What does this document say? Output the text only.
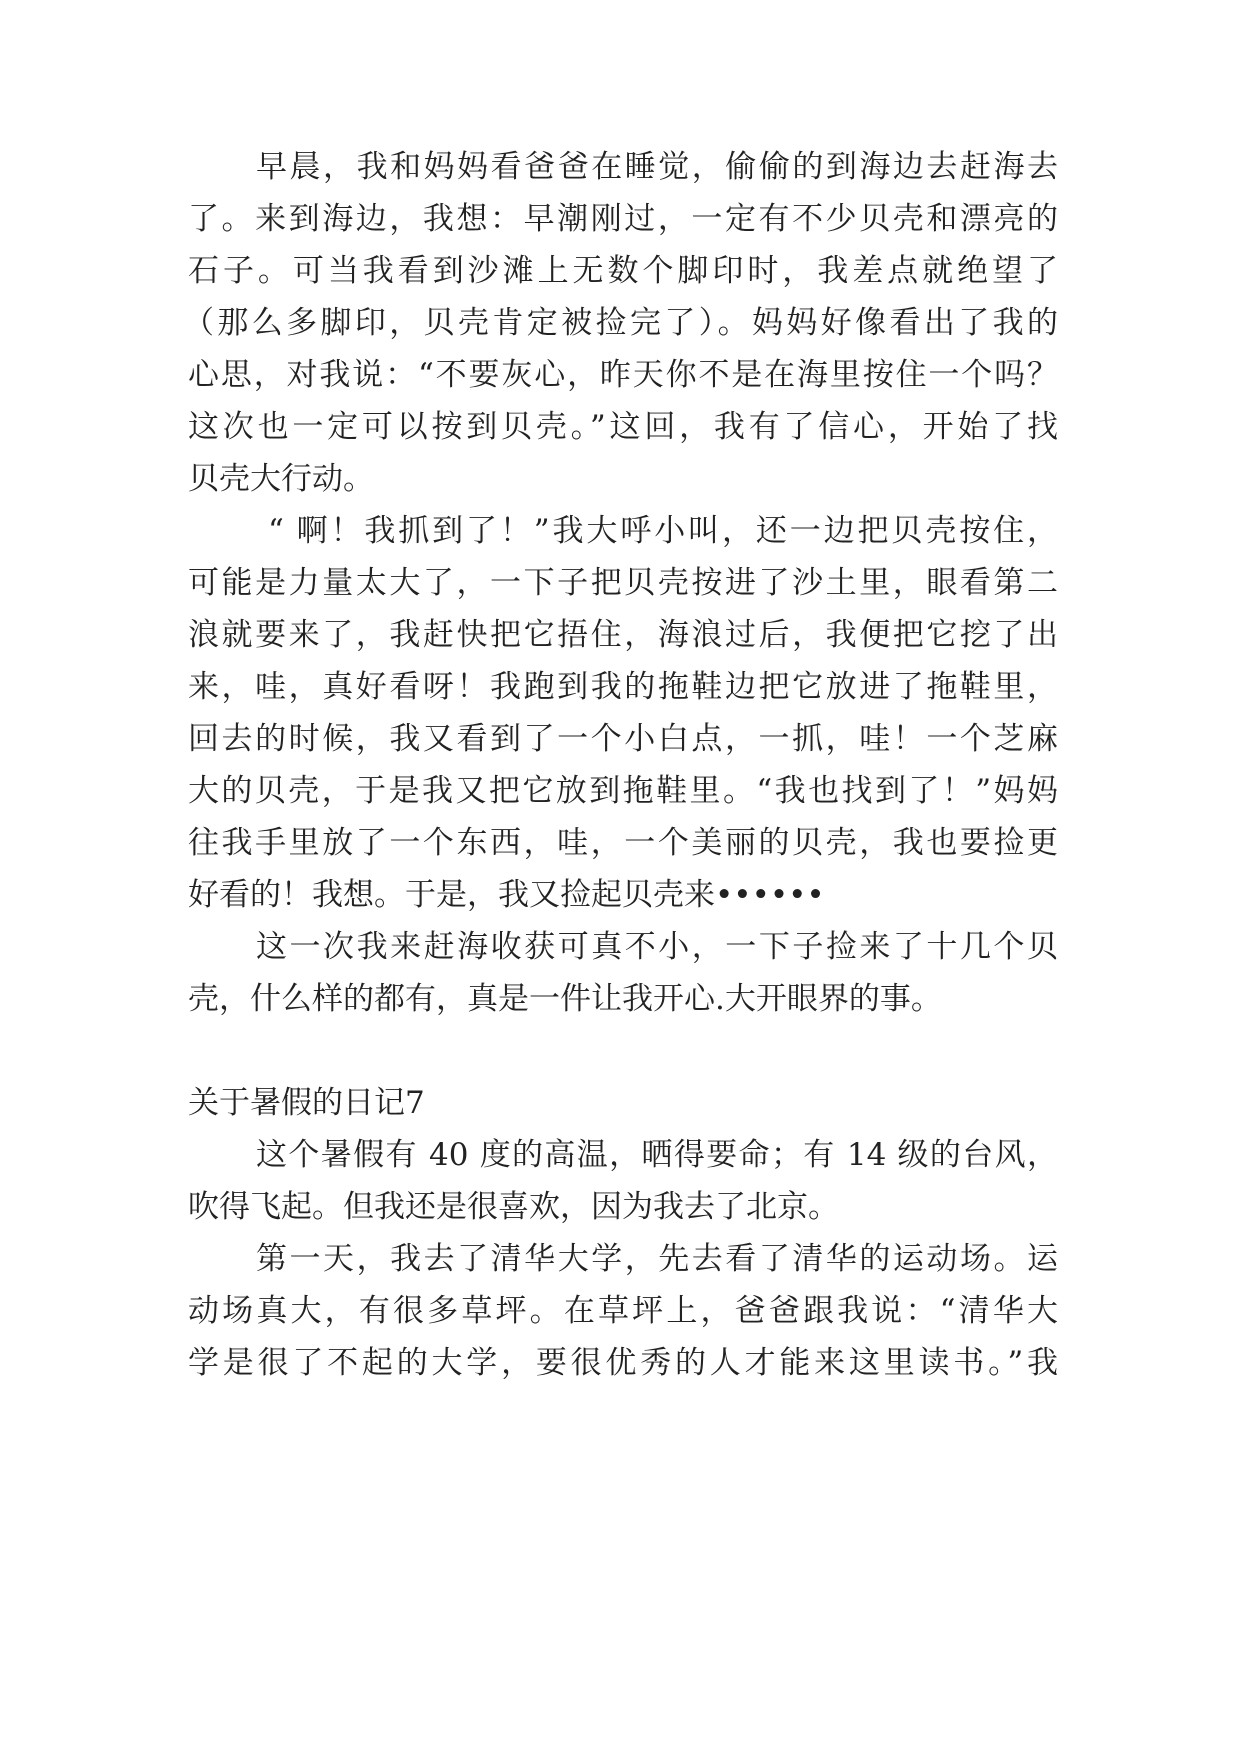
早晨，我和妈妈看爸爸在睡觉，偷偷的到海边去赶海去
了。来到海边，我想：早潮刚过，一定有不少贝壳和漂亮的
石子。可当我看到沙滩上无数个脚印时，我差点就绝望了
（那么多脚印，贝壳肯定被捡完了）。妈妈好像看出了我的
心思，对我说：“不要灰心，昨天你不是在海里按住一个吗？
这次也一定可以按到贝壳。”这回，我有了信心，开始了找
贝壳大行动。
“ 啊！我抓到了！”我大呼小叫，还一边把贝壳按住，
可能是力量太大了，一下子把贝壳按进了沙土里，眼看第二
浪就要来了，我赶快把它捂住，海浪过后，我便把它挖了出
来，哇，真好看呀！我跑到我的拖鞋边把它放进了拖鞋里，
回去的时候，我又看到了一个小白点，一抓，哇！一个芝麻
大的贝壳，于是我又把它放到拖鞋里。“我也找到了！”妈妈
往我手里放了一个东西，哇，一个美丽的贝壳，我也要捡更
好看的！我想。于是，我又捡起贝壳来••••••
这一次我来赶海收获可真不小，一下子捡来了十几个贝
壳，什么样的都有，真是一件让我开心.大开眼界的事。
关于暑假的日记7
这个暑假有 40 度的高温，晒得要命；有 14 级的台风，
吹得飞起。但我还是很喜欢，因为我去了北京。
第一天，我去了清华大学，先去看了清华的运动场。运
动场真大，有很多草坪。在草坪上，爸爸跟我说：“清华大
学是很了不起的大学，要很优秀的人才能来这里读书。”我
